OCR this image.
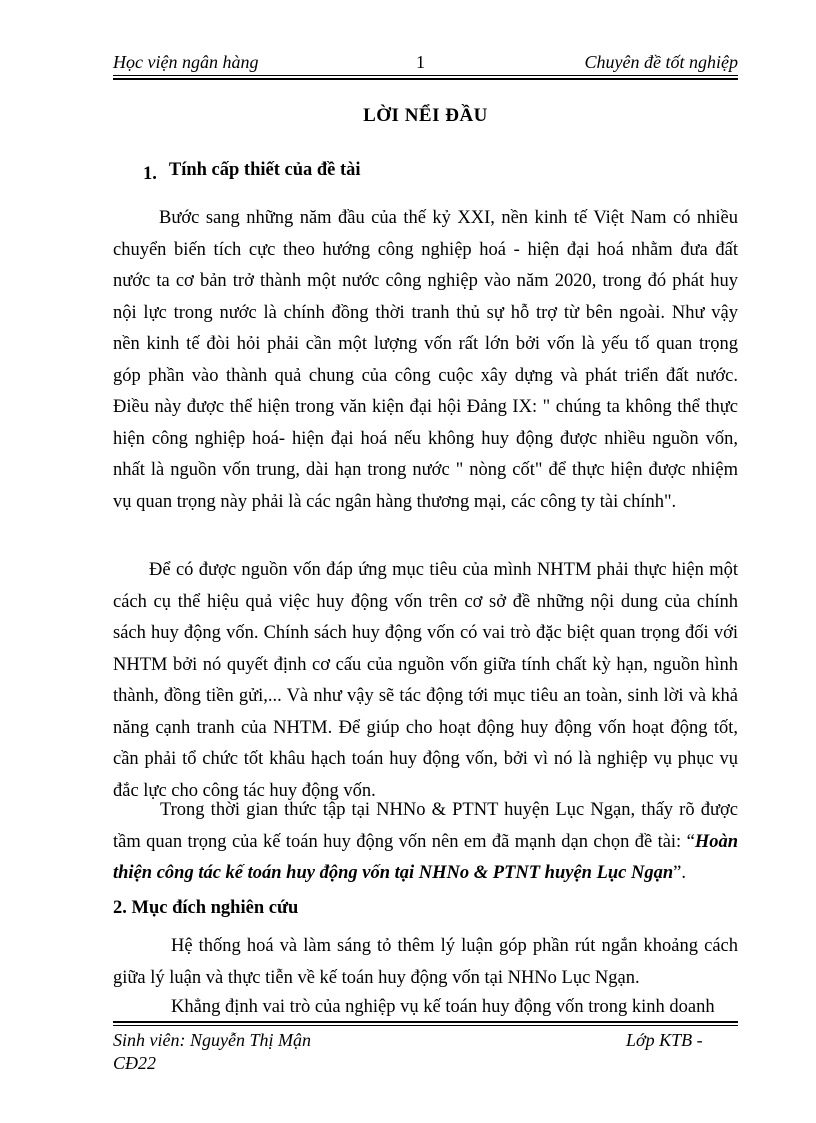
Học viện ngân hàng	1	Chuyên đề tốt nghiệp
LỜI NỂI ĐẦU
1. Tính cấp thiết của đề tài
Bước sang những năm đầu của thế kỷ XXI, nền kinh tế Việt Nam có nhiều
chuyển biến tích cực theo hướng công nghiệp hoá - hiện đại hoá nhằm đưa đất
nước ta cơ bản trở thành một nước công nghiệp vào năm 2020, trong đó phát huy
nội lực trong nước là chính đồng thời tranh thủ sự hỗ trợ từ bên ngoài. Như vậy
nền kinh tế đòi hỏi phải cần một lượng vốn rất lớn bởi vốn là yếu tố quan trọng
góp phần vào thành quả chung của công cuộc xây dựng và phát triển đất nước.
Điều này được thể hiện trong văn kiện đại hội Đảng IX: " chúng ta không thể thực
hiện công nghiệp hoá- hiện đại hoá nếu không huy động được nhiều nguồn vốn,
nhất là nguồn vốn trung, dài hạn trong nước " nòng cốt" để thực hiện được nhiệm
vụ quan trọng này phải là các ngân hàng thương mại, các công ty tài chính".
Để có được nguồn vốn đáp ứng mục tiêu của mình NHTM phải thực hiện một
cách cụ thể hiệu quả việc huy động vốn trên cơ sở đề những nội dung của chính
sách huy động vốn. Chính sách huy động vốn có vai trò đặc biệt quan trọng đối với
NHTM bởi nó quyết định cơ cấu của nguồn vốn giữa tính chất kỳ hạn, nguồn hình
thành, đồng tiền gửi,... Và như vậy sẽ tác động tới mục tiêu an toàn, sinh lời và khả
năng cạnh tranh của NHTM. Để giúp cho hoạt động huy động vốn hoạt động tốt,
cần phải tổ chức tốt khâu hạch toán huy động vốn, bởi vì nó là nghiệp vụ phục vụ
đắc lực cho công tác huy động vốn.
Trong thời gian thức tập tại NHNo & PTNT huyện Lục Ngạn, thấy rõ được
tầm quan trọng của kế toán huy động vốn nên em đã mạnh dạn chọn đề tài: “Hoàn
thiện công tác kế toán huy động vốn tại NHNo & PTNT huyện Lục Ngạn”.
2. Mục đích nghiên cứu
Hệ thống hoá và làm sáng tỏ thêm lý luận góp phần rút ngắn khoảng cách
giữa lý luận và thực tiễn về kế toán huy động vốn tại NHNo Lục Ngạn.
Khẳng định vai trò của nghiệp vụ kế toán huy động vốn trong kinh doanh
Sinh viên: Nguyễn Thị Mận CĐ22
Lớp KTB -
